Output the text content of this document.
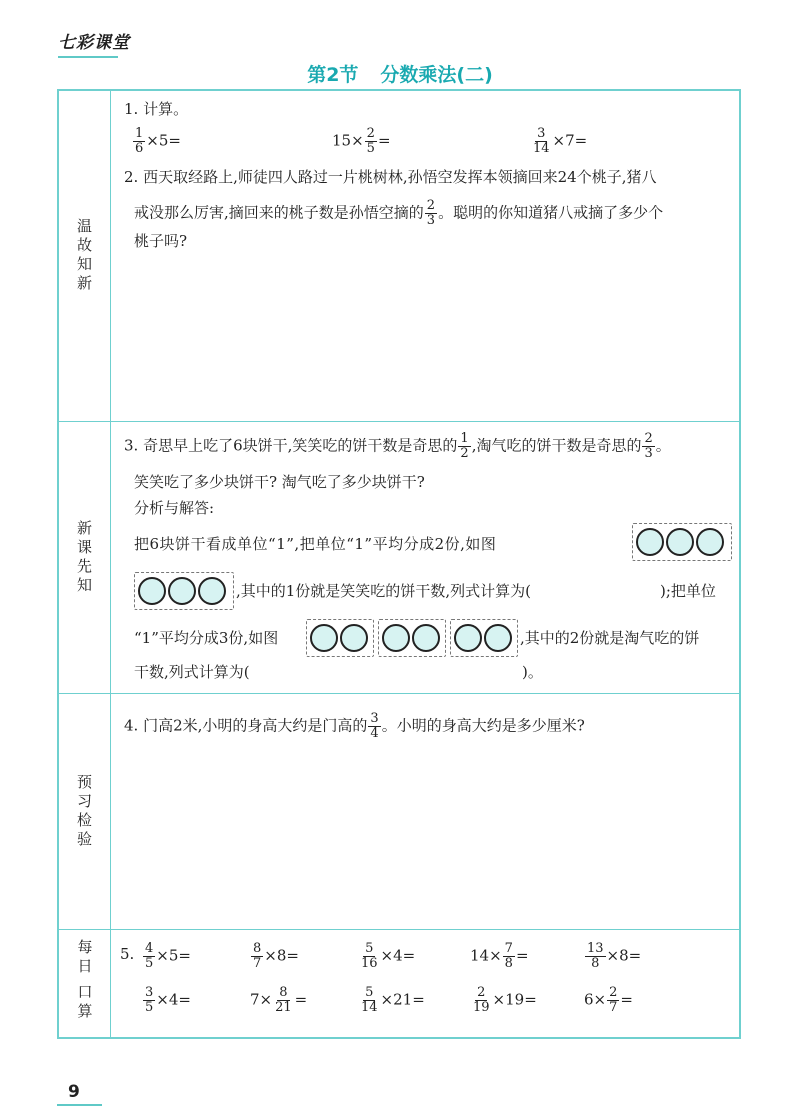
七彩课堂
第2节 分数乘法(二)
温故知新
1. 计算。
$\frac{1}{6} \times 5=$	$15\times \frac{2}{5}$ =	$\frac{3}{14} \times 7=$
2. 西天取经路上,师徒四人路过一片桃树林,孙悟空发挥本领摘回来24个桃子,猪八
戒没那么厉害,摘回来的桃子数是孙悟空摘的 $\frac{2}{3}$ 。聪明的你知道猪八戒摘了多少个
桃子吗?
新课先知
3. 奇思早上吃了6块饼干,笑笑吃的饼干数是奇思的 $\frac{1}{2}$ ,淘气吃的饼干数是奇思的 $\frac{2}{3}$ 。
笑笑吃了多少块饼干? 淘气吃了多少块饼干?
分析与解答:
把6块饼干看成单位“1”,把单位“1”平均分成2份,如图
,其中的1份就是笑笑吃的饼干数,列式计算为(	);把单位
“1”平均分成3份,如图	,其中的2份就是淘气吃的饼
干数,列式计算为(	)。
预习检验
4. 门高2米,小明的身高大约是门高的 $\frac{3}{4}$ 。小明的身高大约是多少厘米?
每日
口算
5. $\frac{4}{5} \times 5=$	$\frac{8}{7} \times 8=$	$\frac{5}{16} \times 4=$	$14\times \frac{7}{8}$ =	$\frac{13}{8} \times 8=$
$\frac{3}{5} \times 4=$	$7\times \frac{8}{21}$ =	$\frac{5}{14} \times 21=$	$\frac{2}{19} \times 19=$	$6\times \frac{2}{7}$ =
9
